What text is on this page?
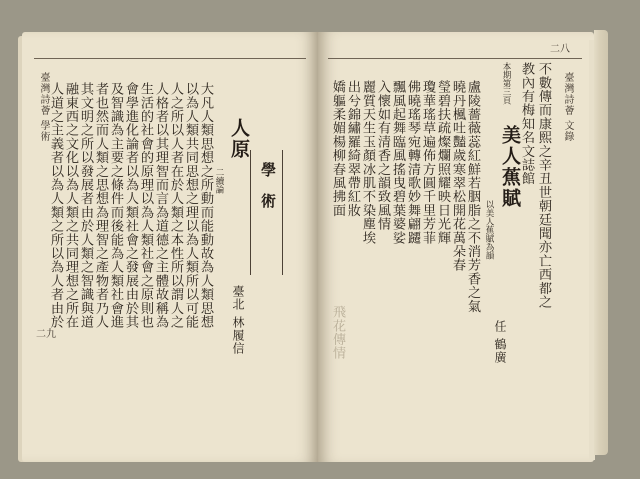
臺灣詩薈 文錄
二八
不數傳而康熙之辛丑世朝廷聞亦亡西都之
教內有梅知名文誌館
本期第三頁
美人蕉賦
以美人蕉賦為韻
任 鶴廣
盧陵薔薇蕊紅鮮若胭脂之不消芳香之氣
曉丹楓吐豔歲寒翠松開花萬朵春
瑩碧扶疏燦爛照耀映日光輝
瓊華瑤草遍佈方圓千里芳菲
佛曉瑤琴宛轉清歌妙舞翩躚
飄風起舞臨風搖曳碧葉婆娑
入懷如有清香之韻致風情
麗質天生玉顏冰肌不染塵埃
出兮錦繡羅綺翠帶紅妝
嬌軀柔媚楊柳春風拂面
飛花傳情
臺灣詩薈 學術
二九
學術
人原
二續論
臺北 林履信
大凡人類思想之所動而能動故為人類思想
以為人類共同思想之理以為人類所以可能
人之所以人者在於人類之本性所以謂人之
人格者以其理智而言為道德之主體故稱為
生活的社會的原理以為人類社會之原則也
會學進化論者以為人類社會之發展由於其
及智識為主要之條件而後能為人類社會進
者也然而人類之思想為理智之產物者乃人
其文明之所以發展者由於人類之智識與道
融東西之文化以為人類之共同理想之所在
人道之主義者以為人類之所以為人者由於
